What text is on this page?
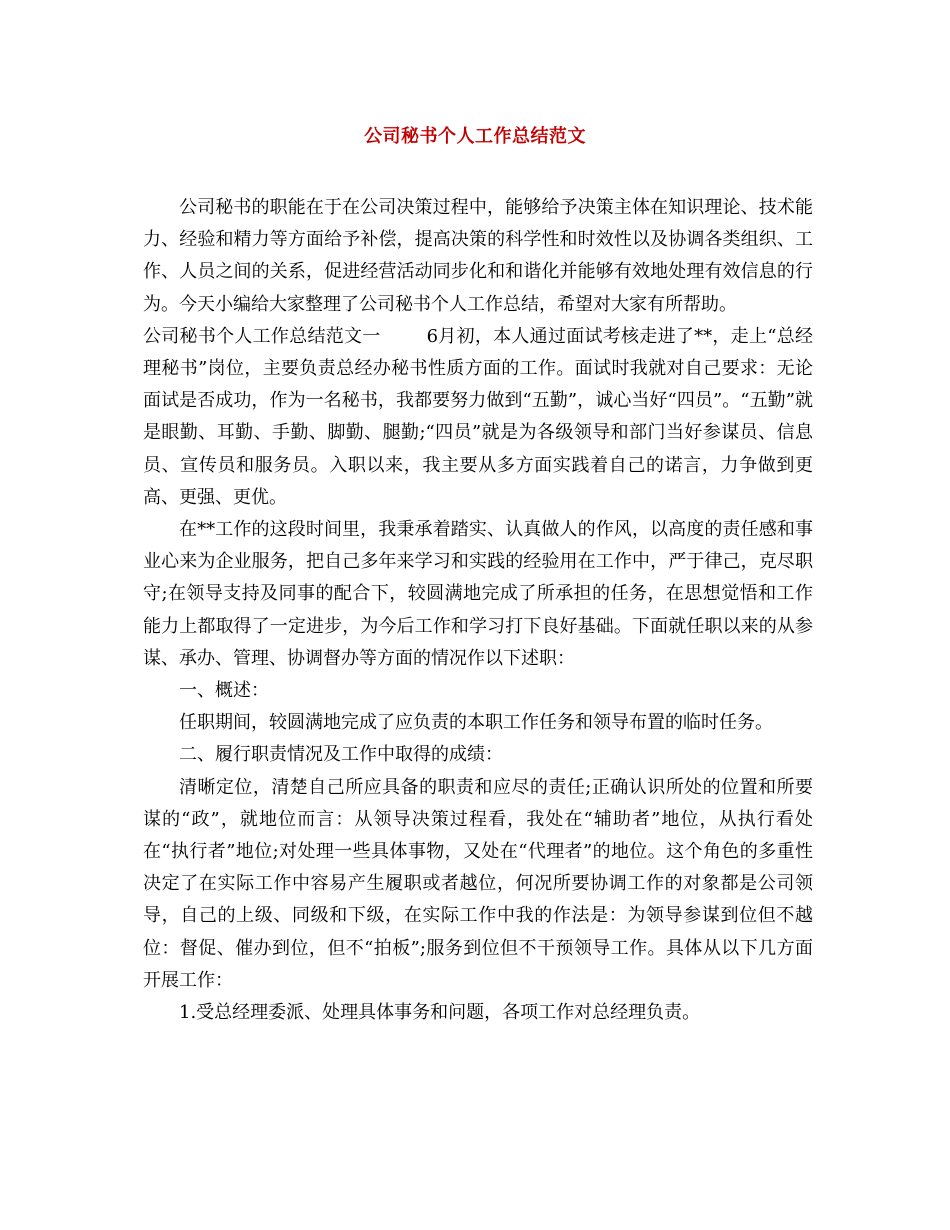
公司秘书个人工作总结范文

公司秘书的职能在于在公司决策过程中，能够给予决策主体在知识理论、技术能力、经验和精力等方面给予补偿，提高决策的科学性和时效性以及协调各类组织、工作、人员之间的关系，促进经营活动同步化和和谐化并能够有效地处理有效信息的行为。今天小编给大家整理了公司秘书个人工作总结，希望对大家有所帮助。

公司秘书个人工作总结范文一	6月初，本人通过面试考核走进了**，走上“总经理秘书”岗位，主要负责总经办秘书性质方面的工作。面试时我就对自己要求：无论面试是否成功，作为一名秘书，我都要努力做到“五勤”，诚心当好“四员”。“五勤”就是眼勤、耳勤、手勤、脚勤、腿勤;“四员”就是为各级领导和部门当好参谋员、信息员、宣传员和服务员。入职以来，我主要从多方面实践着自己的诺言，力争做到更高、更强、更优。

在**工作的这段时间里，我秉承着踏实、认真做人的作风，以高度的责任感和事业心来为企业服务，把自己多年来学习和实践的经验用在工作中，严于律己，克尽职守;在领导支持及同事的配合下，较圆满地完成了所承担的任务，在思想觉悟和工作能力上都取得了一定进步，为今后工作和学习打下良好基础。下面就任职以来的从参谋、承办、管理、协调督办等方面的情况作以下述职：

一、概述：

任职期间，较圆满地完成了应负责的本职工作任务和领导布置的临时任务。

二、履行职责情况及工作中取得的成绩：

清晰定位，清楚自己所应具备的职责和应尽的责任;正确认识所处的位置和所要谋的“政”，就地位而言：从领导决策过程看，我处在“辅助者”地位，从执行看处在“执行者”地位;对处理一些具体事物，又处在“代理者”的地位。这个角色的多重性决定了在实际工作中容易产生履职或者越位，何况所要协调工作的对象都是公司领导，自己的上级、同级和下级，在实际工作中我的作法是：为领导参谋到位但不越位：督促、催办到位，但不“拍板”;服务到位但不干预领导工作。具体从以下几方面开展工作：

1.受总经理委派、处理具体事务和问题，各项工作对总经理负责。
